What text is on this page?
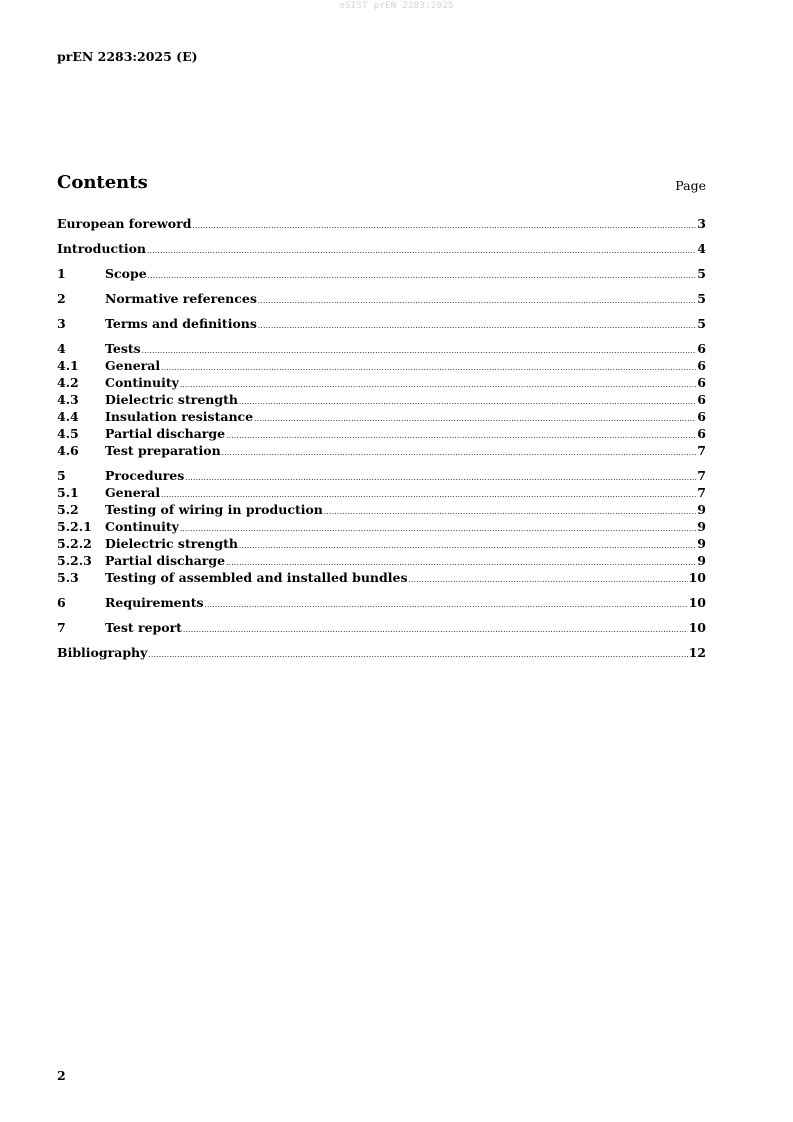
oSIST prEN 2283:2025
prEN 2283:2025 (E)
Contents	Page
European foreword .....	3
Introduction .....	4
1	Scope .....	5
2	Normative references .....	5
3	Terms and definitions .....	5
4	Tests .....	6
4.1	General .....	6
4.2	Continuity .....	6
4.3	Dielectric strength .....	6
4.4	Insulation resistance .....	6
4.5	Partial discharge .....	6
4.6	Test preparation .....	7
5	Procedures .....	7
5.1	General .....	7
5.2	Testing of wiring in production .....	9
5.2.1	Continuity .....	9
5.2.2	Dielectric strength .....	9
5.2.3	Partial discharge .....	9
5.3	Testing of assembled and installed bundles .....	10
6	Requirements .....	10
7	Test report .....	10
Bibliography .....	12
2
